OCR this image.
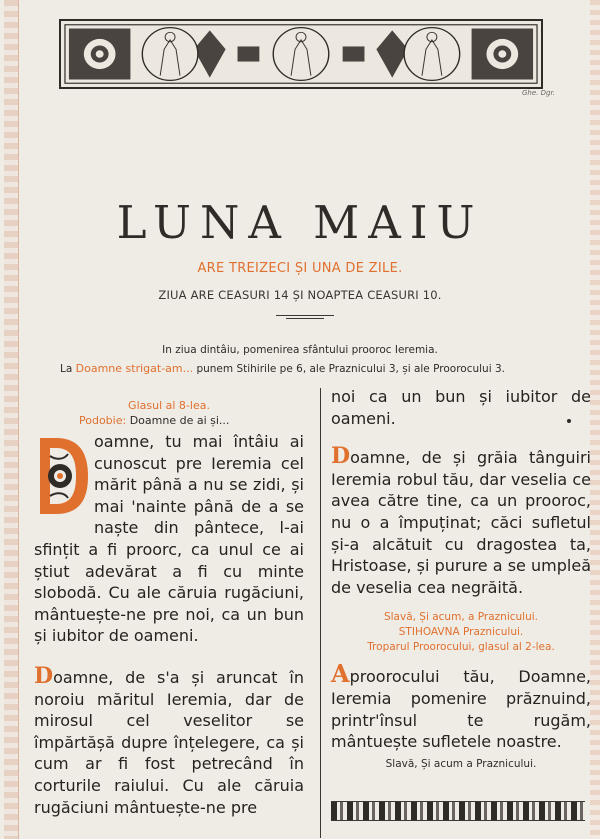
Ghe. Dgr.
LUNA MAIU
ARE TREIZECI ȘI UNA DE ZILE.
ZIUA ARE CEASURI 14 ȘI NOAPTEA CEASURI 10.
In ziua dintâiu, pomenirea sfântului prooroc Ieremia.
La Doamne strigat-am... punem Stihirile pe 6, ale Praznicului 3, și ale Proorocului 3.
Glasul al 8-lea.
Podobie: Doamne de ai și...
oamne, tu mai întâiu ai cunoscut pre Ieremia cel mărit până a nu se zidi, și mai 'nainte până de a se naște din pântece, l-ai sfințit a fi proorc, ca unul ce ai știut adevărat a fi cu minte slobodă. Cu ale căruia rugăciuni, mântuește-ne pre noi, ca un bun și iubitor de oameni.
Doamne, de s'a și aruncat în noroiu măritul Ieremia, dar de mirosul cel veselitor se împărtășă dupre înțelegere, ca și cum ar fi fost petrecând în corturile raiului. Cu ale căruia rugăciuni mântuește-ne pre
noi ca un bun și iubitor de oameni.
Doamne, de și grăia tânguiri Ieremia robul tău, dar veselia ce avea către tine, ca un prooroc, nu o a împuținat; căci sufletul și-a alcătuit cu dragostea ta, Hristoase, și purure a se umpleă de veselia cea negrăită.
Slavă, Și acum, a Praznicului.
STIHOAVNA Praznicului.
Troparul Proorocului, glasul al 2-lea.
Aproorocului tău, Doamne, Ieremia pomenire prăznuind, printr'însul te rugăm, mântuește sufletele noastre.
Slavă, Și acum a Praznicului.
